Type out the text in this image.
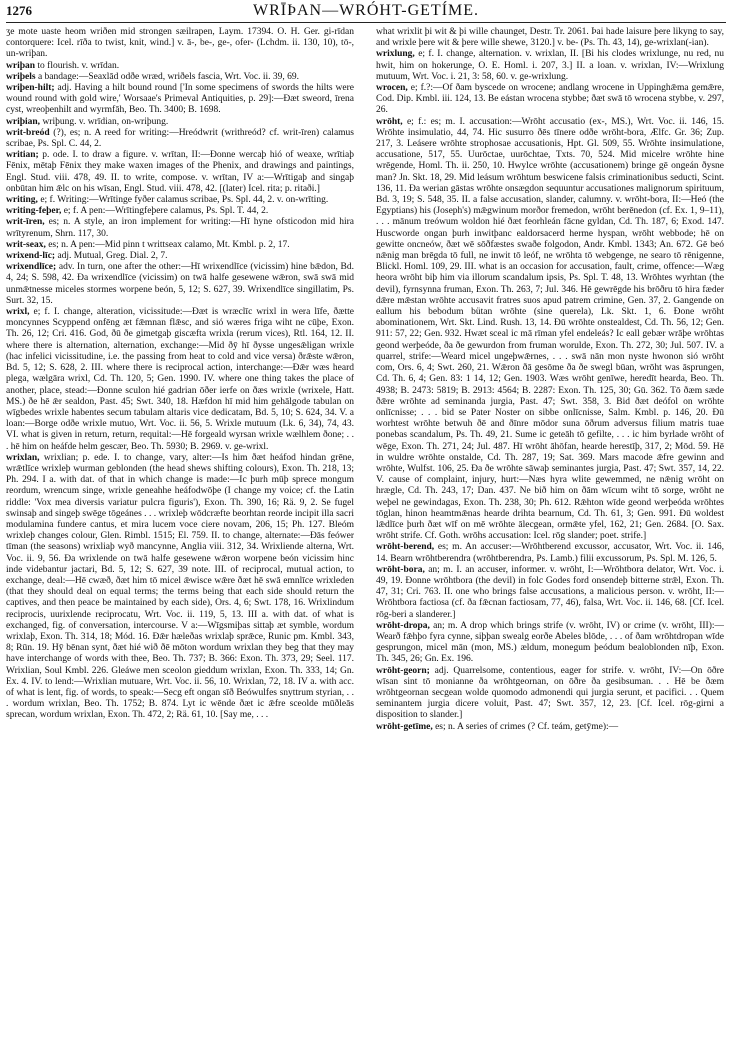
1276	WRĪÞAN—WRÓHT-GETÍME.

ʒe mote uaste heom wriðen mid strongen sæilrapen, Laym. 17394. O. H. Ger. gi-rīdan contorquere: Icel. rīða to twist, knit, wind.] v. ā-, be-, ge-, ofer- (Lchdm. ii. 130, 10), tō-, un-wriþan.

wriþan to flourish. v. wrīdan.

wriþels a bandage:—Seaxlād odðe wræd, wriðels fascia, Wrt. Voc. ii. 39, 69.

wriþen-hilt; adj. Having a hilt bound round ['In some specimens of swords the hilts were wound round with gold wire,' Worsaae's Primeval Antiquities, p. 29]:—Ðæt sweord, īrena cyst, wreoþenhilt and wyrmfāh, Beo. Th. 3400; B. 1698.

wriþian, wriþung. v. wrīdian, on-wriþung.

writ-breód (?), es; n. A reed for writing:—Hreódwrit (writhreód? cf. writ-īren) calamus scribae, Ps. Spl. C. 44, 2.

writian; p. ode. I. to draw a figure. v. wrītan, II:—Ðonne wercaþ hió of weaxe, wrītiaþ Fēnix, mētaþ Fēnix they make waxen images of the Phenix, and drawings and paintings, Engl. Stud. viii. 478, 49. II. to write, compose. v. wrītan, IV a:—Wrītigaþ and singaþ onbūtan him ǣlc on his wīsan, Engl. Stud. viii. 478, 42. [(later) Icel. rita; p. ritaði.]

writing, e; f. Writing:—Wrītinge fyðer calamus scribae, Ps. Spl. 44, 2. v. on-wrīting.

writing-feþer, e; f. A pen:—Wrītingfeþere calamus, Ps. Spl. T. 44, 2.

writ-īren, es; n. A style, an iron implement for writing:—Hī hyne ofsticodon mid hira wrītyrenum, Shrn. 117, 30.

writ-seax, es; n. A pen:—Mid pinn t writtseax calamo, Mt. Kmbl. p. 2, 17.

wrixend-līc; adj. Mutual, Greg. Dial. 2, 7.

wrixendlīce; adv. In turn, one after the other:—Hī wrixendlīce (vicissim) hine bǣdon, Bd. 4, 24; S. 598, 42. Ða wrixendlīce (vicissim) on twā halfe gesewene wǣron, swā swā mid unmǣtnesse miceles stormes worpene beón, 5, 12; S. 627, 39. Wrixendlīce singillatim, Ps. Surt. 32, 15.

wrixl, e; f. I. change, alteration, vicissitude:—Ðæt is wræclīc wrixl in wera līfe, ðætte moncynnes Scyppend onfēng æt fǣmnan flǣsc, and sió wæres friga wiht ne cūþe, Exon. Th. 26, 12; Cri. 416. God, ðū ðe gimetgaþ giscæfta wrixla (rerum vices), Rtl. 164, 12. II. where there is alternation, alternation, exchange:—Mid ðȳ hī ðysse ungesǣligan wrixle (hac infelici vicissitudine, i.e. the passing from heat to cold and vice versa) ðrǣste wǣron, Bd. 5, 12; S. 628, 2. III. where there is reciprocal action, interchange:—Ðǣr wæs heard plega, wælgāra wrixl, Cd. Th. 120, 5; Gen. 1990. IV. where one thing takes the place of another, place, stead:—Ðonne sculon hié gadrian ōðer ierfe on ðæs wrixle (wrixele, Hatt. MS.) ðe hē ǣr sealdon, Past. 45; Swt. 340, 18. Hæfdon hī mid him gehālgode tabulan on wīgbedes wrixle habentes secum tabulam altaris vice dedicatam, Bd. 5, 10; S. 624, 34. V. a loan:—Borge odðe wrixle mutuo, Wrt. Voc. ii. 56, 5. Wrixle mutuum (Lk. 6, 34), 74, 43. VI. what is given in return, return, requital:—Hē forgeald wyrsan wrixle wælhlem ðone; . . . hē him on heáfde helm gescær, Beo. Th. 5930; B. 2969. v. ge-wrixl.

wrixlan, wrixlian; p. ede. I. to change, vary, alter:—Is him ðæt heáfod hindan grēne, wrǣtlīce wrixleþ wurman geblonden (the head shews shifting colours), Exon. Th. 218, 13; Ph. 294. I a. with dat. of that in which change is made:—Ic þurh mūþ sprece mongum reordum, wrencum singe, wrixle geneahhe heáfodwōþe (I change my voice; cf. the Latin riddle: 'Vox mea diversis variatur pulcra figuris'), Exon. Th. 390, 16; Rä. 9, 2. Se fugel swinsaþ and singeþ swēge tōgeánes . . . wrixleþ wōdcræfte beorhtan reorde incipit illa sacri modulamina fundere cantus, et mira lucem voce ciere novam, 206, 15; Ph. 127. Bleóm wrixleþ changes colour, Glen. Rimbl. 1515; El. 759. II. to change, alternate:—Ðās feówer tīman (the seasons) wrixliaþ wyð mancynne, Anglia viii. 312, 34. Wrixliende alterna, Wrt. Voc. ii. 9, 56. Ða wrixlende on twā halfe gesewene wǣron worpene beón vicissim hinc inde videbantur jactari, Bd. 5, 12; S. 627, 39 note. III. of reciprocal, mutual action, to exchange, deal:—Hē cwæð, ðæt him tō micel ǣwisce wǣre ðæt hē swā emnlīce wrixleden (that they should deal on equal terms; the terms being that each side should return the captives, and then peace be maintained by each side), Ors. 4, 6; Swt. 178, 16. Wrixlindum reciprocis, uurixlende reciprocatu, Wrt. Voc. ii. 119, 5, 13. III a. with dat. of what is exchanged, fig. of conversation, intercourse. V a:—Wīgsmiþas sittaþ æt symble, wordum wrixlaþ, Exon. Th. 314, 18; Mód. 16. Ðǣr hæleðas wrixlaþ sprǣce, Runic pm. Kmbl. 343, 8; Rūn. 19. Hȳ bēnan synt, ðæt hié wið ðē mōton wordum wrixlan they beg that they may have interchange of words with thee, Beo. Th. 737; B. 366: Exon. Th. 373, 29; Seel. 117. Wrixlian, Soul Kmbl. 226. Gleáwe men sceolon gieddum wrixlan, Exon. Th. 333, 14; Gn. Ex. 4. IV. to lend:—Wrixlian mutuare, Wrt. Voc. ii. 56, 10. Wrixlan, 72, 18. IV a. with acc. of what is lent, fig. of words, to speak:—Secg eft ongan sīð Beówulfes snyttrum styrian, . . . wordum wrixlan, Beo. Th. 1752; B. 874. Lyt ic wēnde ðæt ic ǣfre sceolde mūðleās sprecan, wordum wrixlan, Exon. Th. 472, 2; Rä. 61, 10. [Say me, . . .

what wrixlit þi wit & þi wille chaunget, Destr. Tr. 2061. Þai hade laisure þere likyng to say, and wrixle þere wit & þere wille shewe, 3120.] v. be- (Ps. Th. 43, 14), ge-wrixlan(-ian).

wrixlung, e; f. I. change, alternation. v. wrixlan, II. [Bi his clodes wrixlunge, nu red, nu hwit, him on hokerunge, O. E. Homl. i. 207, 3.] II. a loan. v. wrixlan, IV:—Wrixlung mutuum, Wrt. Voc. i. 21, 3: 58, 60. v. ge-wrixlung.

wrocen, e; f.?:—Of ðam byscede on wrocene; andlang wrocene in Uppinghǣma gemǣre, Cod. Dip. Kmbl. iii. 124, 13. Be eástan wrocena stybbe; ðæt swā tō wrocena stybbe, v. 297, 26.

wrōht, e; f.: es; m. I. accusation:—Wrōht accusatio (ex-, MS.), Wrt. Voc. ii. 146, 15. Wrōhte insimulatio, 44, 74. Hic susurro ðēs tīnere odðe wrōht-bora, Ælfc. Gr. 36; Zup. 217, 3. Leásere wrōhte strophosae accusationis, Hpt. Gl. 509, 55. Wrōhte insimulatione, accusatione, 517, 55. Uurōctae, uurōchtae, Txts. 70, 524. Mid micelre wrōhte hine wrēgende, Homl. Th. ii. 250, 10. Hwylce wrōhte (accusationem) bringe gē ongeán ðysne man? Jn. Skt. 18, 29. Mid leásum wrōhtum beswicene falsis criminationibus seducti, Scint. 136, 11. Ða werian gāstas wrōhte onsægdon sequuntur accusationes malignorum spirituum, Bd. 3, 19; S. 548, 35. II. a false accusation, slander, calumny. v. wrōht-bora, II:—Heó (the Egyptians) his (Joseph's) mǣgwinum morðor fremedon, wrōht berēnedon (cf. Ex. 1, 9–11), . . . mānum treówum woldon hié ðæt feorhleán fācne gyldan, Cd. Th. 187, 6; Exod. 147. Huscworde ongan þurh inwitþanc ealdorsacerd herme hyspan, wrōht webbode; hē on gewitte oncneów, ðæt wē sōðfæstes swaðe folgodon, Andr. Kmbl. 1343; An. 672. Gē beó nǣnig man brēgda tō full, ne inwit tō leóf, ne wrōhta tō webgenge, ne searo tō rēnigenne, Blickl. Homl. 109, 29. III. what is an occasion for accusation, fault, crime, offence:—Wæg heora wrōht biþ him via illorum scandalum ipsis, Ps. Spl. T. 48, 13. Wrōhtes wyrhtan (the devil), fyrnsynna fruman, Exon. Th. 263, 7; Jul. 346. Hē gewrēgde his brōðru tō hira fæder dǣre mǣstan wrōhte accusavit fratres suos apud patrem crimine, Gen. 37, 2. Gangende on eallum his bebodum bütan wrōhte (sine querela), Lk. Skt. 1, 6. Ðone wrōht abominationem, Wrt. Skt. Lind. Rush. 13, 14. Ðū wrōhte onstealdest, Cd. Th. 56, 12; Gen. 911: 57, 22; Gen. 932. Hwæt sceal ic mā rīman yfel endeleás? Ic eall gebær wrāþe wrōhtas geond werþeóde, ða ðe gewurdon from fruman worulde, Exon. Th. 272, 30; Jul. 507. IV. a quarrel, strife:—Weard micel ungeþwǣrnes, . . . swā nān mon nyste hwonon sió wrōht com, Ors. 6, 4; Swt. 260, 21. Wǣron ðā gesōme ða ðe swegl būan, wrōht was āsprungen, Cd. Th. 6, 4; Gen. 83: 1 14, 12; Gen. 1903. Wæs wrōht genīwe, heredīt hearda, Beo. Th. 4938; B. 2473: 5819; B. 2913: 4564; B. 2287: Exon. Th. 125, 30; Gū. 362. Tō ðæm sæde ðǣre wrōhte ad seminanda jurgia, Past. 47; Swt. 358, 3. Bid ðæt deófol on wrōhte onlīcnisse; . . . bid se Pater Noster on sibbe onlīcnisse, Salm. Kmbl. p. 146, 20. Ðū worhtest wrōhte betwuh ðē and ðīnre mōdor suna ōðrum adversus filium matris tuae ponebas scandalum, Ps. Th. 49, 21. Sume ic geteāh tō gefilte, . . . ic him byrlade wrōht of wēge, Exon. Th. 271, 24; Jul. 487. Hī wrōht āhōfan, hearde herestīþ, 317, 2; Mōd. 59. Hē in wuldre wrōhte onstalde, Cd. Th. 287, 19; Sat. 369. Mars macode ǣfre gewinn and wrōhte, Wulfst. 106, 25. Ða ðe wrōhte sāwaþ seminantes jurgia, Past. 47; Swt. 357, 14, 22. V. cause of complaint, injury, hurt:—Næs hyra wlite gewemmed, ne nǣnig wrōht on hrægle, Cd. Th. 243, 17; Dan. 437. Ne bið him on ðām wīcum wiht tō sorge, wrōht ne weþel ne gewindagas, Exon. Th. 238, 30; Ph. 612. Rǣhton wīde geond werþeóda wrōhtes tōglan, hinon heamtmǣnas hearde drihta bearnum, Cd. Th. 61, 3; Gen. 991. Ðū woldest lǣdlīce þurh ðæt wīf on mē wrōhte ālecgean, ormǣte yfel, 162, 21; Gen. 2684. [O. Sax. wrōht strife. Cf. Goth. wrōhs accusation: Icel. rōg slander; poet. strife.]

wrōht-berend, es; m. An accuser:—Wrōhtberend excussor, accusator, Wrt. Voc. ii. 146, 14. Bearn wrōhtberendra (wrōhtberendra, Ps. Lamb.) filii excussorum, Ps. Spl. M. 126, 5.

wrōht-bora, an; m. I. an accuser, informer. v. wrōht, I:—Wrōhtbora delator, Wrt. Voc. i. 49, 19. Ðonne wrōhtbora (the devil) in folc Godes ford onsendeþ bitterne strǣl, Exon. Th. 47, 31; Cri. 763. II. one who brings false accusations, a malicious person. v. wrōht, II:—Wrōhtbora factiosa (cf. ða fǣcnan factiosam, 77, 46), falsa, Wrt. Voc. ii. 146, 68. [Cf. Icel. rōg-beri a slanderer.]

wrōht-dropa, an; m. A drop which brings strife (v. wrōht, IV) or crime (v. wrōht, III):—Wearð fǣhþo fyra cynne, siþþan swealg eorðe Abeles blōde, . . . of ðam wrōhtdropan wīde gesprungon, micel mān (mon, MS.) ældum, monegum þeódum bealoblonden nīþ, Exon. Th. 345, 26; Gn. Ex. 196.

wrōht-georn; adj. Quarrelsome, contentious, eager for strife. v. wrōht, IV:—On ōðre wīsan sint tō monianne ða wrōhtgeornan, on ōðre ða gesibsuman. . . Hē be ðæm wrōhtgeornan secgean wolde quomodo admonendi qui jurgia serunt, et pacifici. . . Quem seminantem jurgia dicere voluit, Past. 47; Swt. 357, 12, 23. [Cf. Icel. rōg-girni a disposition to slander.]

wrōht-getīme, es; n. A series of crimes (? Cf. teám, getȳme):—
